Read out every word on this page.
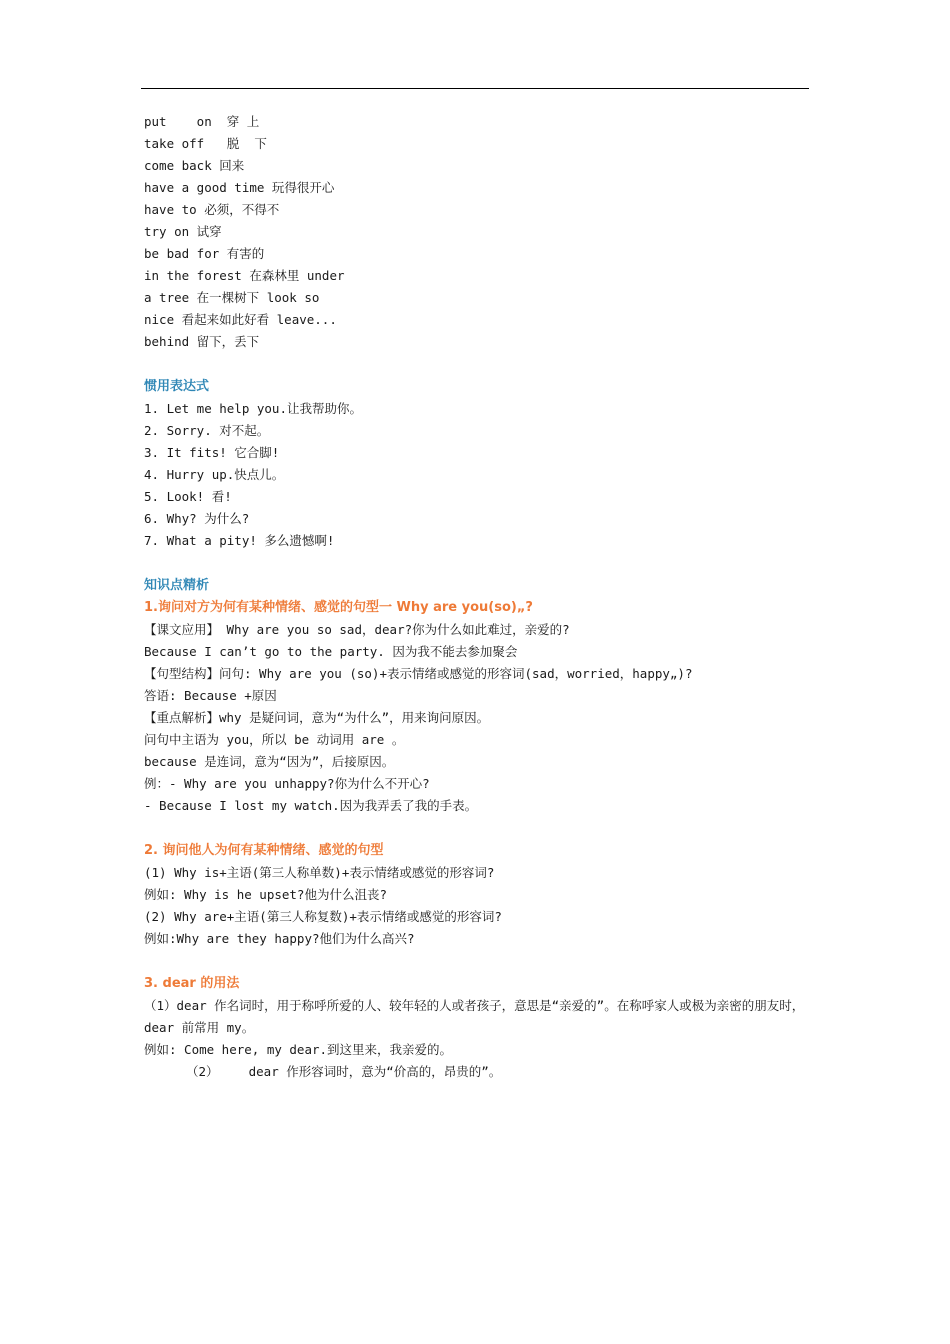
put    on  穿 上
take off   脱  下
come back 回来
have a good time 玩得很开心
have to 必须，不得不
try on 试穿
be bad for 有害的
in the forest 在森林里 under
a tree 在一棵树下 look so
nice 看起来如此好看 leave...
behind 留下，丢下
惯用表达式
1. Let me help you.让我帮助你。
2. Sorry. 对不起。
3. It fits! 它合脚!
4. Hurry up.快点儿。
5. Look! 看!
6. Why? 为什么?
7. What a pity! 多么遗憾啊!
知识点精析
1.询问对方为何有某种情绪、感觉的句型一 Why are you(so)„?
【课文应用】 Why are you so sad，dear?你为什么如此难过，亲爱的?
Because I can’t go to the party. 因为我不能去参加聚会
【句型结构】问句: Why are you (so)+表示情绪或感觉的形容词(sad，worried，happy„)?
答语: Because +原因
【重点解析】why 是疑问词，意为“为什么”，用来询问原因。
问句中主语为 you，所以 be 动词用 are 。
because 是连词，意为“因为”，后接原因。
例：- Why are you unhappy?你为什么不开心?
- Because I lost my watch.因为我弄丢了我的手表。
2. 询问他人为何有某种情绪、感觉的句型
(1) Why is+主语(第三人称单数)+表示情绪或感觉的形容词?
例如: Why is he upset?他为什么沮丧?
(2) Why are+主语(第三人称复数)+表示情绪或感觉的形容词?
例如:Why are they happy?他们为什么高兴?
3. dear 的用法
（1）dear 作名词时，用于称呼所爱的人、较年轻的人或者孩子，意思是“亲爱的”。在称呼家人或极为亲密的朋友时，dear 前常用 my。
例如: Come here, my dear.到这里来，我亲爱的。
（2）    dear 作形容词时，意为“价高的，昂贵的”。
